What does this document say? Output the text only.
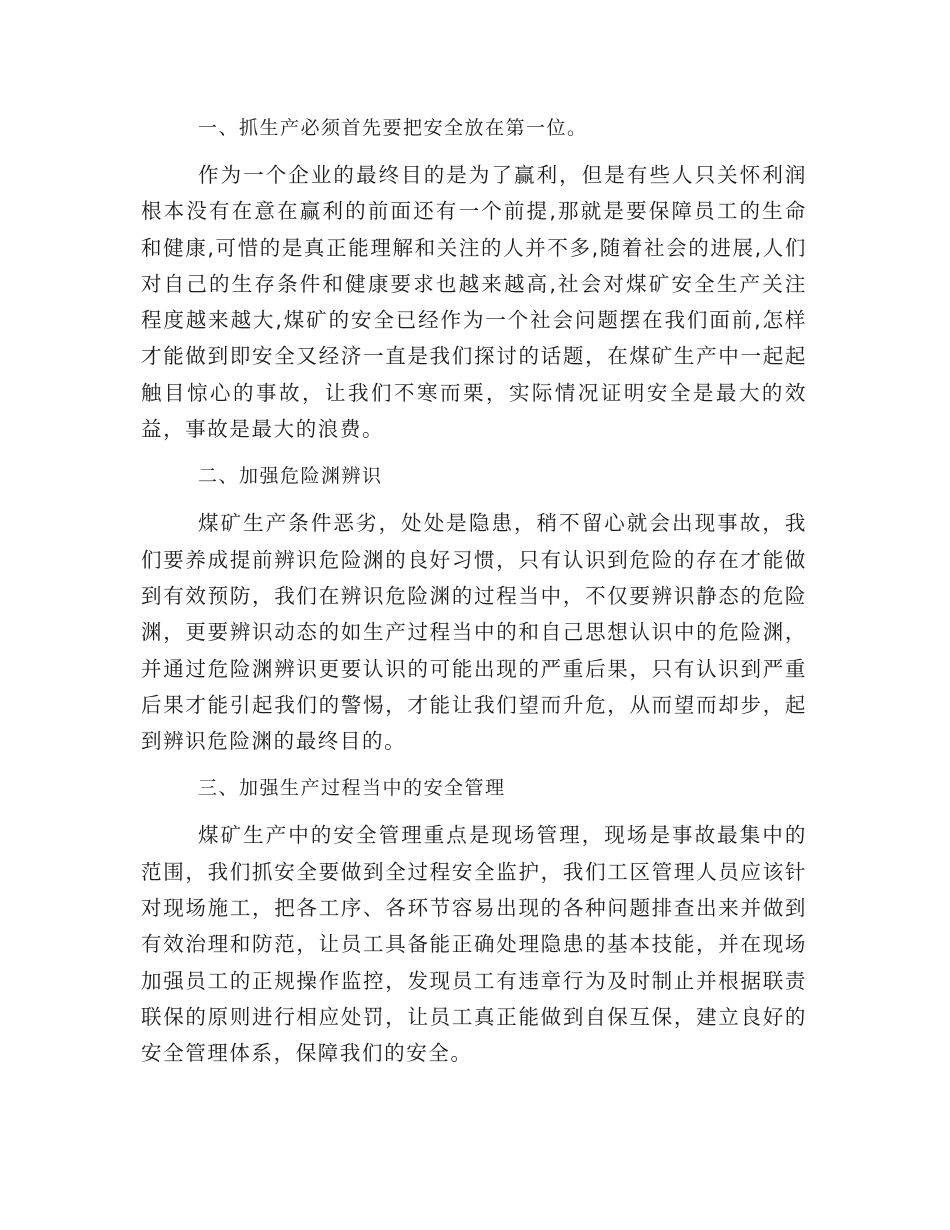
一、抓生产必须首先要把安全放在第一位。

作为一个企业的最终目的是为了赢利，但是有些人只关怀利润根本没有在意在赢利的前面还有一个前提,那就是要保障员工的生命和健康,可惜的是真正能理解和关注的人并不多,随着社会的进展,人们对自己的生存条件和健康要求也越来越高,社会对煤矿安全生产关注程度越来越大,煤矿的安全已经作为一个社会问题摆在我们面前,怎样才能做到即安全又经济一直是我们探讨的话题，在煤矿生产中一起起触目惊心的事故，让我们不寒而栗，实际情况证明安全是最大的效益，事故是最大的浪费。

二、加强危险渊辨识

煤矿生产条件恶劣，处处是隐患，稍不留心就会出现事故，我们要养成提前辨识危险渊的良好习惯，只有认识到危险的存在才能做到有效预防，我们在辨识危险渊的过程当中，不仅要辨识静态的危险渊，更要辨识动态的如生产过程当中的和自己思想认识中的危险渊，并通过危险渊辨识更要认识的可能出现的严重后果，只有认识到严重后果才能引起我们的警惕，才能让我们望而升危，从而望而却步，起到辨识危险渊的最终目的。

三、加强生产过程当中的安全管理

煤矿生产中的安全管理重点是现场管理，现场是事故最集中的范围，我们抓安全要做到全过程安全监护，我们工区管理人员应该针对现场施工，把各工序、各环节容易出现的各种问题排查出来并做到有效治理和防范，让员工具备能正确处理隐患的基本技能，并在现场加强员工的正规操作监控，发现员工有违章行为及时制止并根据联责联保的原则进行相应处罚，让员工真正能做到自保互保，建立良好的安全管理体系，保障我们的安全。
